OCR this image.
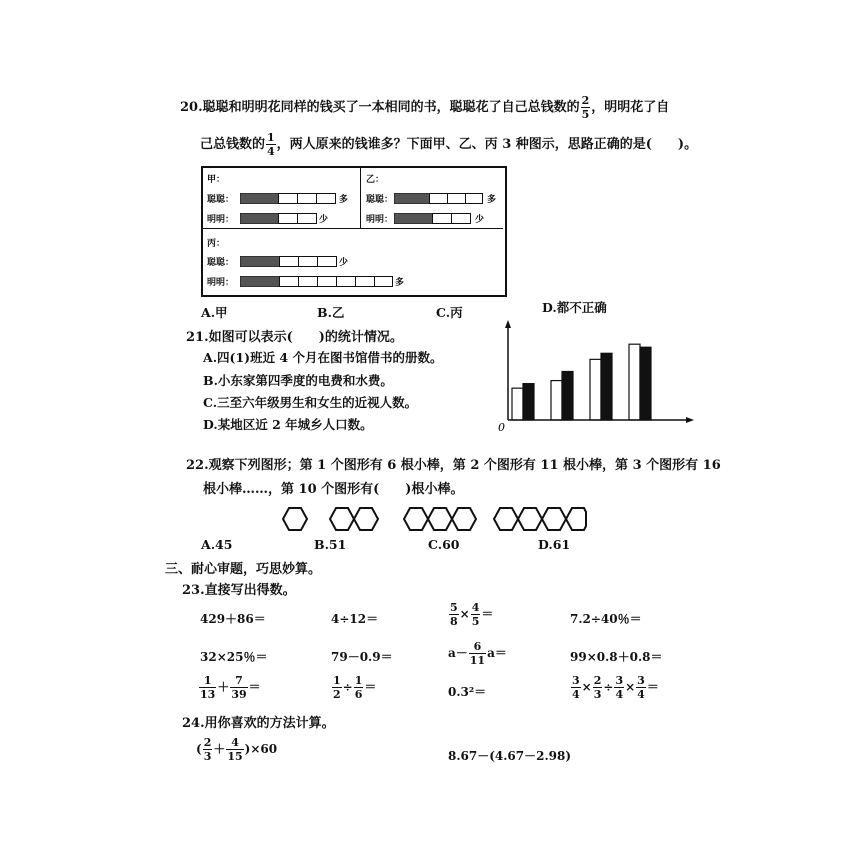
20.聪聪和明明花同样的钱买了一本相同的书，聪聪花了自己总钱数的 $\frac{2}{5}$ ，明明花了自
己总钱数的 $\frac{1}{4}$ ，两人原来的钱谁多？下面甲、乙、丙 3 种图示，思路正确的是(　　)。
甲：
聪聪：	多
明明：	少
乙：
聪聪：	多
明明：	少
丙：
聪聪：	少
明明：	多
A.甲	B.乙	C.丙	D.都不正确
21.如图可以表示(　　)的统计情况。
A.四(1)班近 4 个月在图书馆借书的册数。
B.小东家第四季度的电费和水费。
C.三至六年级男生和女生的近视人数。
D.某地区近 2 年城乡人口数。	0
22.观察下列图形；第 1 个图形有 6 根小棒，第 2 个图形有 11 根小棒，第 3 个图形有 16
根小棒……，第 10 个图形有(　　)根小棒。
A.45	B.51	C.60	D.61
三、耐心审题，巧思妙算。
23.直接写出得数。
429＋86＝	4÷12＝	$\frac{5}{8} \times \frac{4}{5}$ ＝	7.2÷40％＝
32×25％＝	79－0.9＝	$a- \frac{6}{11} a=$	99×0.8＋0.8＝
$\frac{1}{13} + \frac{7}{39}$ ＝	$\frac{1}{2} \div \frac{1}{6}$ ＝	0.3²＝	$\frac{3}{4} \times \frac{2}{3} \div \frac{3}{4} \times \frac{3}{4}$ ＝
24.用你喜欢的方法计算。
( $\frac{2}{3} + \frac{4}{15} )\times 60$	8.67－(4.67－2.98)
